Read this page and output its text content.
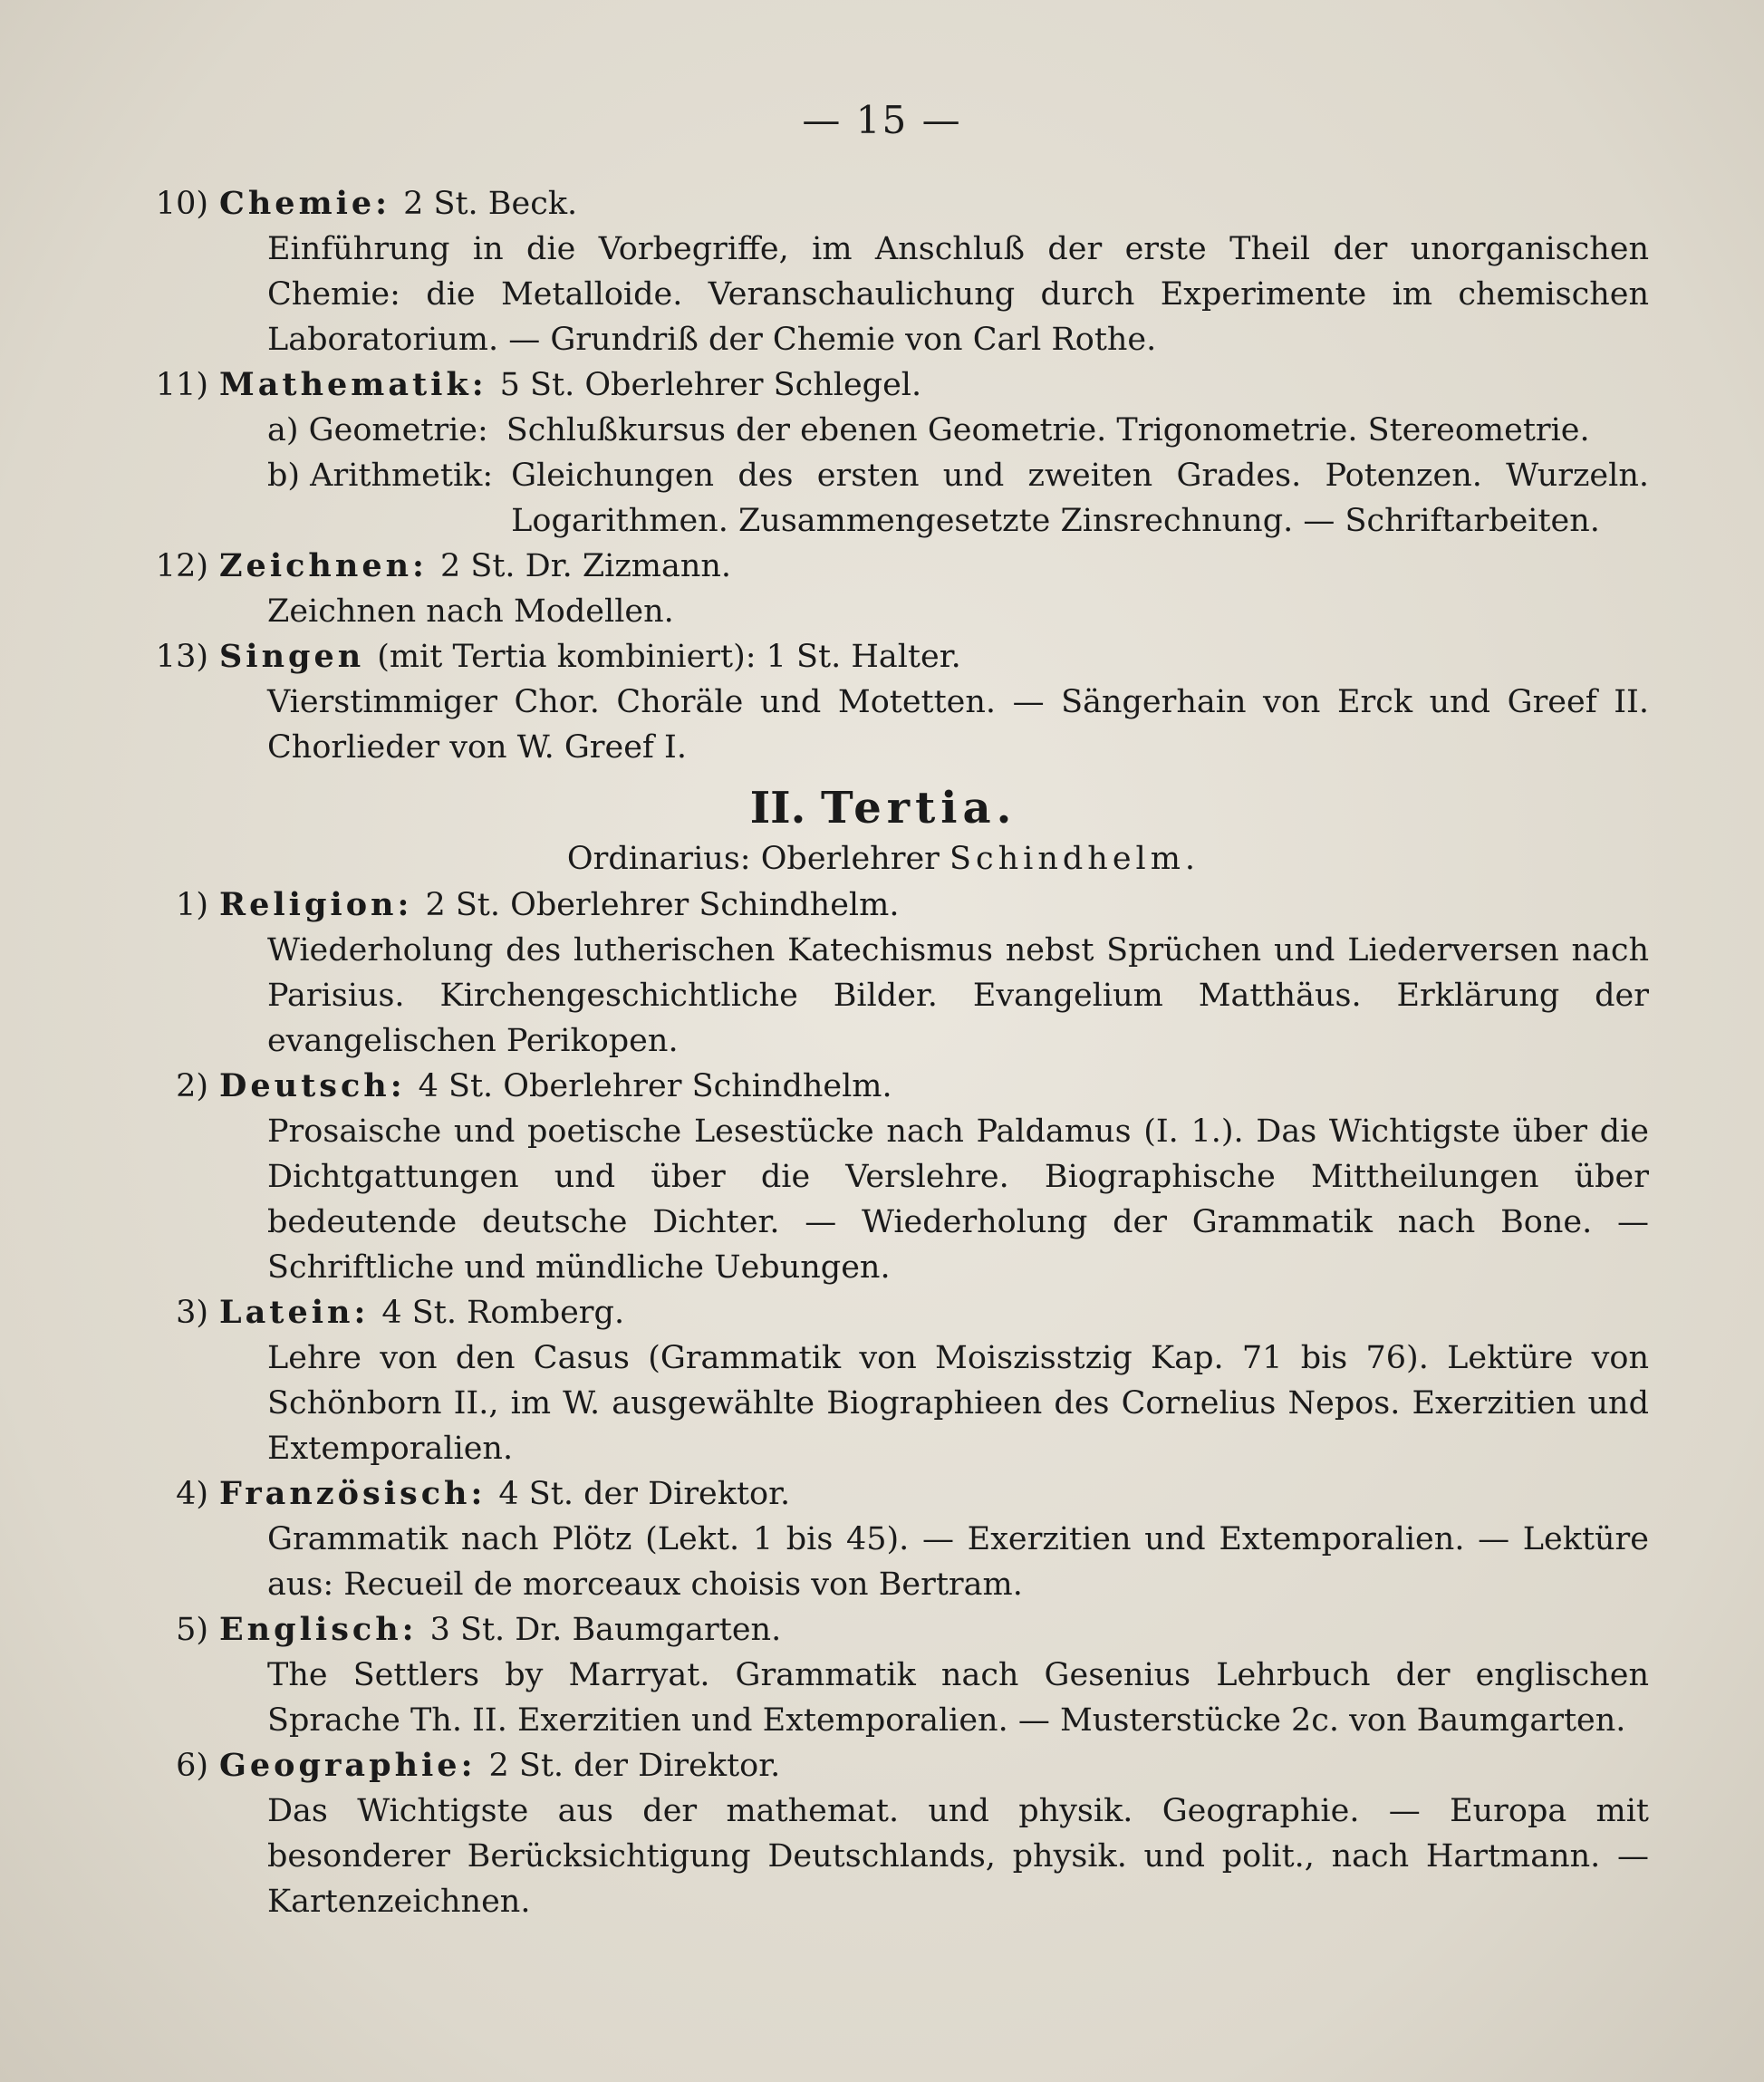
— 15 —
10) Chemie: 2 St. Beck.
Einführung in die Vorbegriffe, im Anschluß der erste Theil der unorganischen Chemie: die Metalloide. Veranschaulichung durch Experimente im chemischen Laboratorium. — Grundriß der Chemie von Carl Rothe.
11) Mathematik: 5 St. Oberlehrer Schlegel.
a) Geometrie: Schlußkursus der ebenen Geometrie. Trigonometrie. Stereometrie.
b) Arithmetik: Gleichungen des ersten und zweiten Grades. Potenzen. Wurzeln. Logarithmen. Zusammengesetzte Zinsrechnung. — Schriftarbeiten.
12) Zeichnen: 2 St. Dr. Zizmann.
Zeichnen nach Modellen.
13) Singen (mit Tertia kombiniert): 1 St. Halter.
Vierstimmiger Chor. Choräle und Motetten. — Sängerhain von Erck und Greef II. Chorlieder von W. Greef I.
II. Tertia.
Ordinarius: Oberlehrer Schindhelm.
1) Religion: 2 St. Oberlehrer Schindhelm.
Wiederholung des lutherischen Katechismus nebst Sprüchen und Liederversen nach Parisius. Kirchengeschichtliche Bilder. Evangelium Matthäus. Erklärung der evangelischen Perikopen.
2) Deutsch: 4 St. Oberlehrer Schindhelm.
Prosaische und poetische Lesestücke nach Paldamus (I. 1.). Das Wichtigste über die Dichtgattungen und über die Verslehre. Biographische Mittheilungen über bedeutende deutsche Dichter. — Wiederholung der Grammatik nach Bone. — Schriftliche und mündliche Uebungen.
3) Latein: 4 St. Romberg.
Lehre von den Casus (Grammatik von Moiszisstzig Kap. 71 bis 76). Lektüre von Schönborn II., im W. ausgewählte Biographieen des Cornelius Nepos. Exerzitien und Extemporalien.
4) Französisch: 4 St. der Direktor.
Grammatik nach Plötz (Lekt. 1 bis 45). — Exerzitien und Extemporalien. — Lektüre aus: Recueil de morceaux choisis von Bertram.
5) Englisch: 3 St. Dr. Baumgarten.
The Settlers by Marryat. Grammatik nach Gesenius Lehrbuch der englischen Sprache Th. II. Exerzitien und Extemporalien. — Musterstücke 2c. von Baumgarten.
6) Geographie: 2 St. der Direktor.
Das Wichtigste aus der mathemat. und physik. Geographie. — Europa mit besonderer Berücksichtigung Deutschlands, physik. und polit., nach Hartmann. — Kartenzeichnen.
